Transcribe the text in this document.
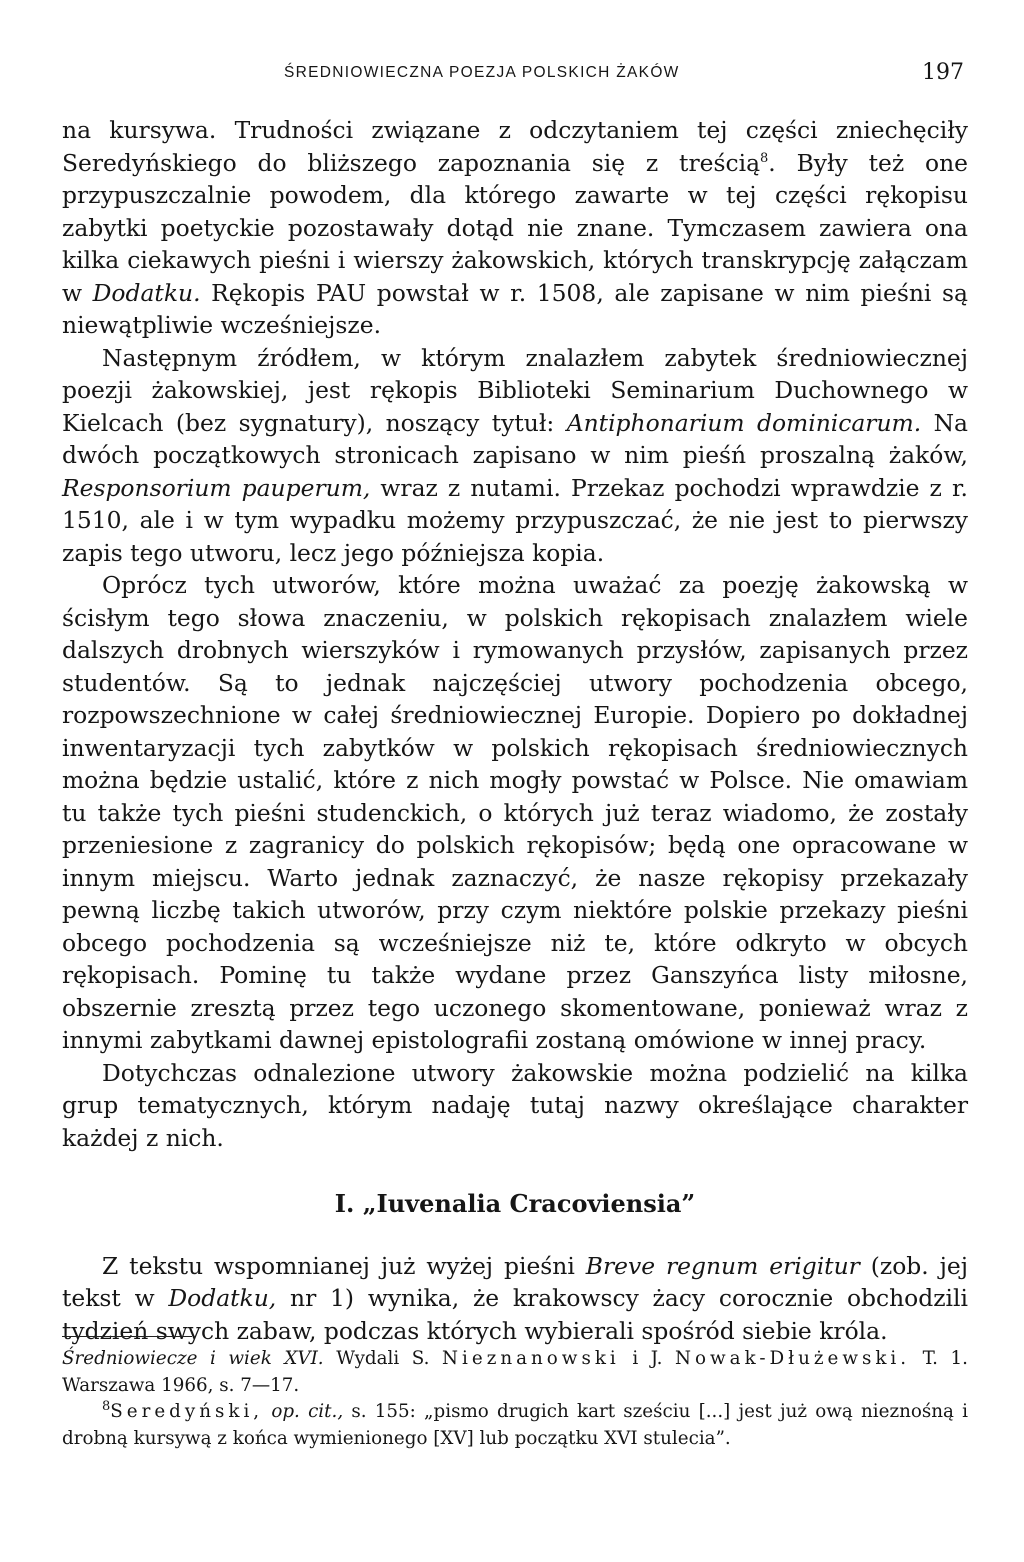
ŚREDNIOWIECZNA POEZJA POLSKICH ŻAKÓW	197

na kursywa. Trudności związane z odczytaniem tej części zniechęciły Seredyńskiego do bliższego zapoznania się z treścią$^8$. Były też one przypuszczalnie powodem, dla którego zawarte w tej części rękopisu zabytki poetyckie pozostawały dotąd nie znane. Tymczasem zawiera ona kilka ciekawych pieśni i wierszy żakowskich, których transkrypcję załączam w Dodatku. Rękopis PAU powstał w r. 1508, ale zapisane w nim pieśni są niewątpliwie wcześniejsze.

Następnym źródłem, w którym znalazłem zabytek średniowiecznej poezji żakowskiej, jest rękopis Biblioteki Seminarium Duchownego w Kielcach (bez sygnatury), noszący tytuł: Antiphonarium dominicarum. Na dwóch początkowych stronicach zapisano w nim pieśń proszalną żaków, Responsorium pauperum, wraz z nutami. Przekaz pochodzi wprawdzie z r. 1510, ale i w tym wypadku możemy przypuszczać, że nie jest to pierwszy zapis tego utworu, lecz jego późniejsza kopia.

Oprócz tych utworów, które można uważać za poezję żakowską w ścisłym tego słowa znaczeniu, w polskich rękopisach znalazłem wiele dalszych drobnych wierszyków i rymowanych przysłów, zapisanych przez studentów. Są to jednak najczęściej utwory pochodzenia obcego, rozpowszechnione w całej średniowiecznej Europie. Dopiero po dokładnej inwentaryzacji tych zabytków w polskich rękopisach średniowiecznych można będzie ustalić, które z nich mogły powstać w Polsce. Nie omawiam tu także tych pieśni studenckich, o których już teraz wiadomo, że zostały przeniesione z zagranicy do polskich rękopisów; będą one opracowane w innym miejscu. Warto jednak zaznaczyć, że nasze rękopisy przekazały pewną liczbę takich utworów, przy czym niektóre polskie przekazy pieśni obcego pochodzenia są wcześniejsze niż te, które odkryto w obcych rękopisach. Pominę tu także wydane przez Ganszyńca listy miłosne, obszernie zresztą przez tego uczonego skomentowane, ponieważ wraz z innymi zabytkami dawnej epistolografii zostaną omówione w innej pracy.

Dotychczas odnalezione utwory żakowskie można podzielić na kilka grup tematycznych, którym nadaję tutaj nazwy określające charakter każdej z nich.

I. „Iuvenalia Cracoviensia”

Z tekstu wspomnianej już wyżej pieśni Breve regnum erigitur (zob. jej tekst w Dodatku, nr 1) wynika, że krakowscy żacy corocznie obchodzili tydzień swych zabaw, podczas których wybierali spośród siebie króla.

Średniowiecze i wiek XVI. Wydali S. Nieznanowski i J. Nowak-Dłużewski. T. 1. Warszawa 1966, s. 7—17.

$^8$Seredyński, op. cit., s. 155: „pismo drugich kart sześciu [...] jest już ową nieznośną i drobną kursywą z końca wymienionego [XV] lub początku XVI stulecia”.
